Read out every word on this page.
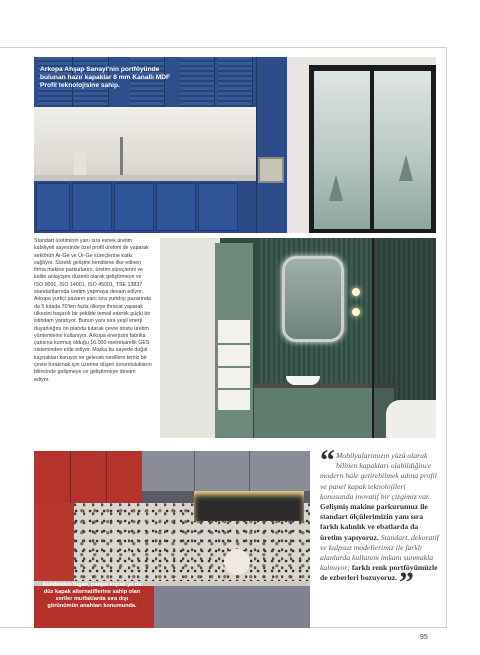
Arkopa Ahşap Sanayi'nin portföyünde bulunan hazır kapaklar 8 mm Kanallı MDF Profil teknolojisine sahip.
Standart üretiminin yanı sıra esnek üretim kabiliyeti sayesinde özel profil üretimi de yaparak sektörün Ar-Ge ve Ür-Ge süreçlerine katkı sağlıyor. Sürekli gelişimi kendisine ilke edinen firma makine parkurlarını, üretim süreçlerini ve kalite anlayışını düzenli olarak geliştirmeye ve ISO 9001, ISO 14001, ISO 45001, TSE 13837 standartlarında üretim yapmaya devam ediyor. Arkopa yurtiçi pazarın yanı sıra yurtdışı pazarında da 5 kıtada 70'ten fazla ülkeye ihracat yaparak ülkesini başarılı bir şekilde temsil ederek güçlü bir istihdam yaratıyor. Bunun yanı sıra yeşil enerji duyarlılığını ön planda tutarak çevre dostu üretim yöntemlerini kullanıyor. Arkopa enerjisini fabrika çatısına kurmuş olduğu 16.000 metrekarelik GES sisteminden elde ediyor. Marka bu sayede doğal kaynakları koruyor ve gelecek nesillere temiz bir çevre bırakmak için üzerine düşen sorumlulukların bilincinde gelişmeye ve geliştirmeye devam ediyor.
Kendinden fugalı, panjur kapak ya da düz kapak alternatiflerine sahip olan seriler mutfaklarda sıra dışı görünümün anahtarı konumunda.
“ Mobilyalarımızın yüzü olarak bilinen kapakları olabildiğince modern hale getirebilmek adına profil ve panel kapak teknolojileri konusunda inovatif bir çizgimiz var. Gelişmiş makine parkurumuz ile standart ölçülerimizin yanı sıra farklı kalınlık ve ebatlarda da üretim yapıyoruz. Standart, dekoratif ve kulpsuz modellerimiz ile farklı alanlarda kullanım imkanı sunmakla kalmıyor; farklı renk portföyümüzle de ezberleri bozuyoruz. ”
95
